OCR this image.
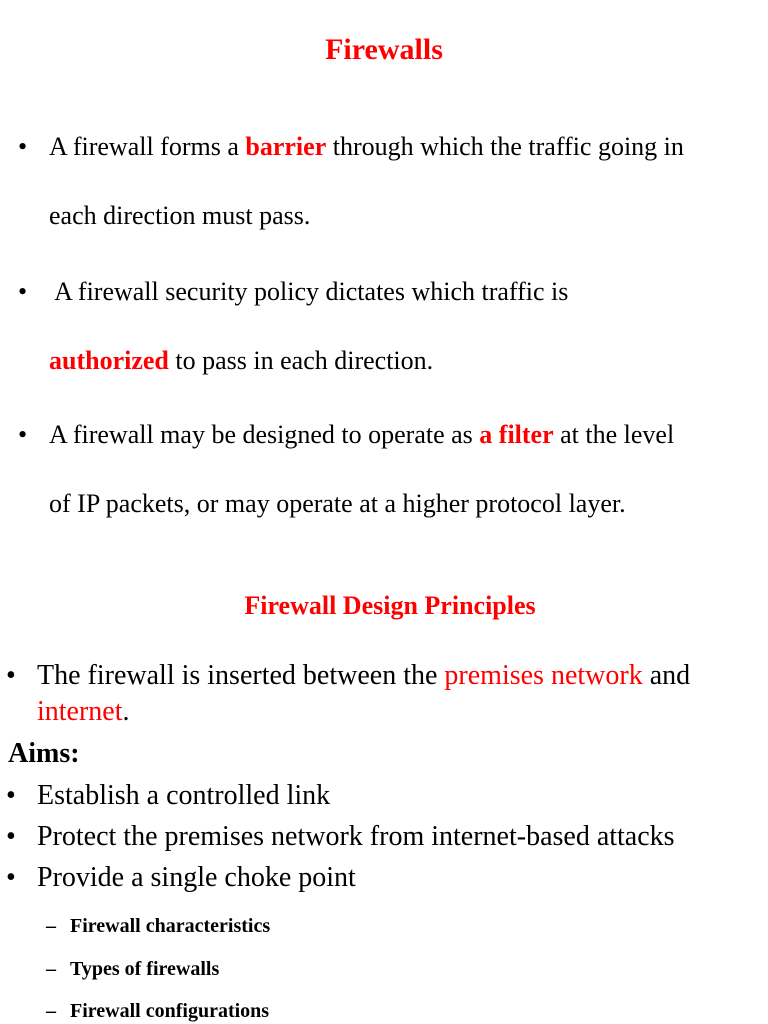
Firewalls
• A firewall forms a barrier through which the traffic going in
each direction must pass.
• A firewall security policy dictates which traffic is
authorized to pass in each direction.
• A firewall may be designed to operate as a filter at the level
of IP packets, or may operate at a higher protocol layer.
Firewall Design Principles
• The firewall is inserted between the premises network and
internet.

Aims:

• Establish a controlled link
• Protect the premises network from internet-based attacks
• Provide a single choke point
– Firewall characteristics
– Types of firewalls
– Firewall configurations
